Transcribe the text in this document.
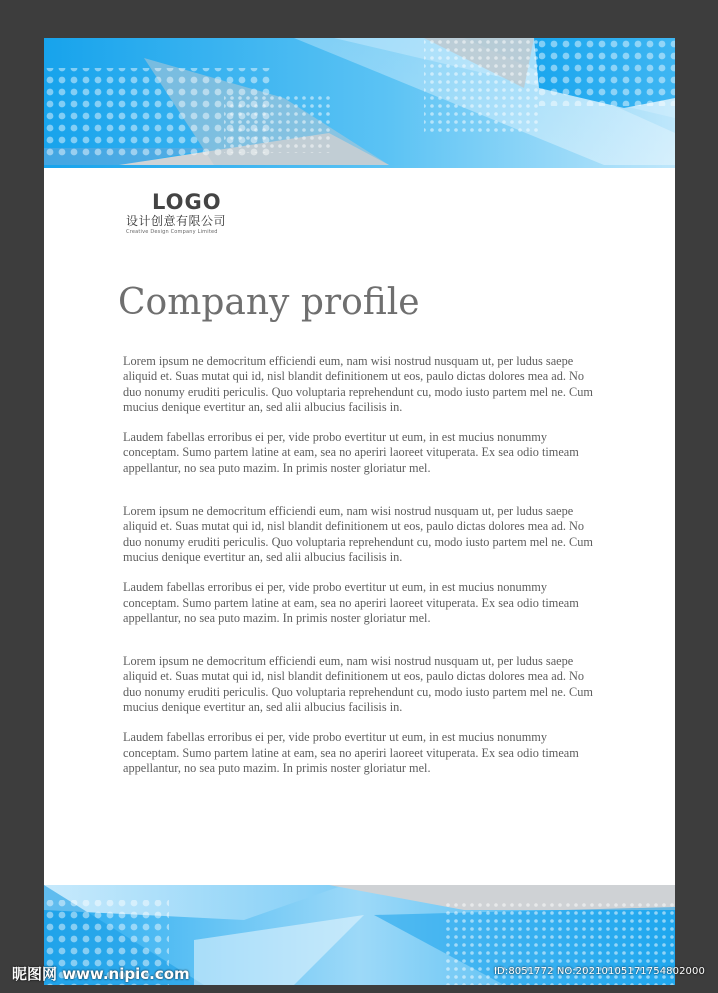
LOGO
设计创意有限公司
Creative Design Company Limited
Company profile

Lorem ipsum ne democritum efficiendi eum, nam wisi nostrud nusquam ut, per ludus saepe aliquid et. Suas mutat qui id, nisl blandit definitionem ut eos, paulo dictas dolores mea ad. No duo nonumy eruditi periculis. Quo voluptaria reprehendunt cu, modo iusto partem mel ne. Cum mucius denique evertitur an, sed alii albucius facilisis in.

Laudem fabellas erroribus ei per, vide probo evertitur ut eum, in est mucius nonummy conceptam. Sumo partem latine at eam, sea no aperiri laoreet vituperata. Ex sea odio timeam appellantur, no sea puto mazim. In primis noster gloriatur mel.

Lorem ipsum ne democritum efficiendi eum, nam wisi nostrud nusquam ut, per ludus saepe aliquid et. Suas mutat qui id, nisl blandit definitionem ut eos, paulo dictas dolores mea ad. No duo nonumy eruditi periculis. Quo voluptaria reprehendunt cu, modo iusto partem mel ne. Cum mucius denique evertitur an, sed alii albucius facilisis in.

Laudem fabellas erroribus ei per, vide probo evertitur ut eum, in est mucius nonummy conceptam. Sumo partem latine at eam, sea no aperiri laoreet vituperata. Ex sea odio timeam appellantur, no sea puto mazim. In primis noster gloriatur mel.

Lorem ipsum ne democritum efficiendi eum, nam wisi nostrud nusquam ut, per ludus saepe aliquid et. Suas mutat qui id, nisl blandit definitionem ut eos, paulo dictas dolores mea ad. No duo nonumy eruditi periculis. Quo voluptaria reprehendunt cu, modo iusto partem mel ne. Cum mucius denique evertitur an, sed alii albucius facilisis in.

Laudem fabellas erroribus ei per, vide probo evertitur ut eum, in est mucius nonummy conceptam. Sumo partem latine at eam, sea no aperiri laoreet vituperata. Ex sea odio timeam appellantur, no sea puto mazim. In primis noster gloriatur mel.

昵图网 www.nipic.com	ID:8051772 NO:20210105171754802000
